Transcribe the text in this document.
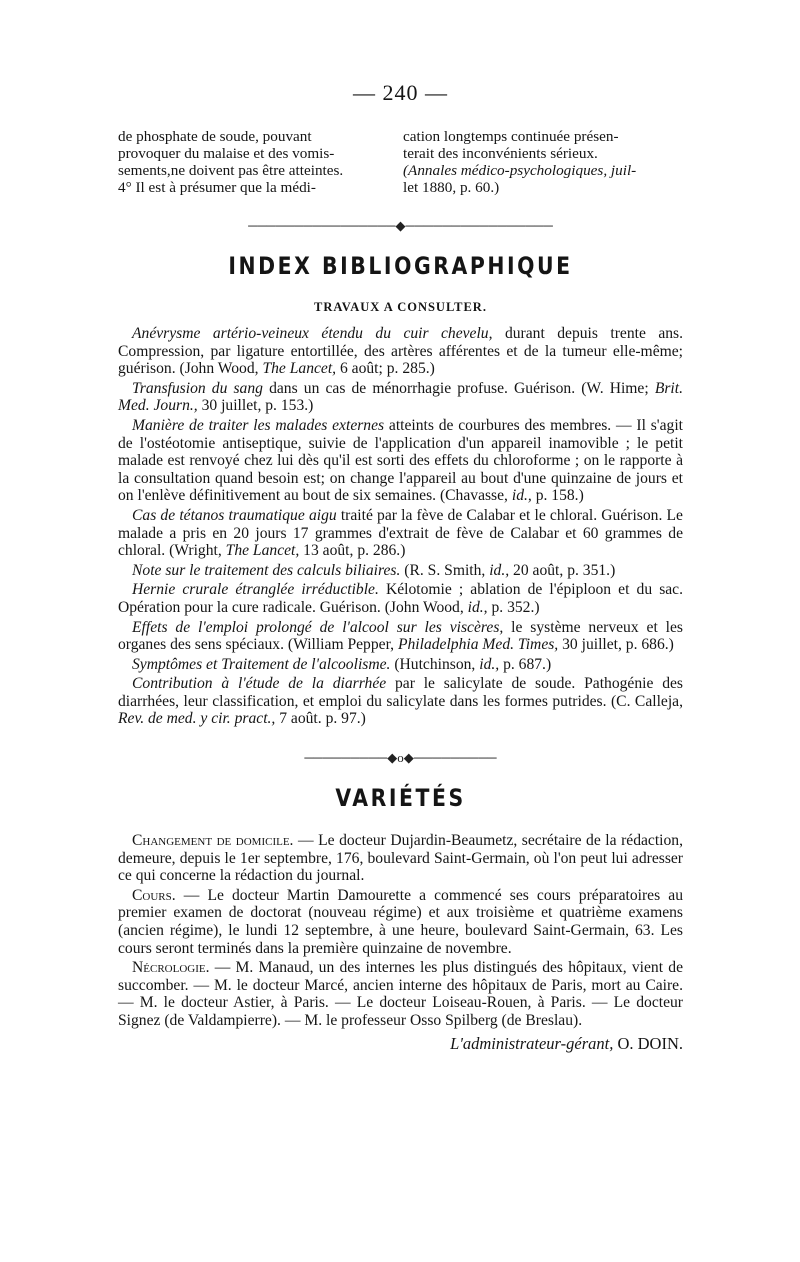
— 240 —
de phosphate de soude, pouvant
provoquer du malaise et des vomis-
sements,ne doivent pas être atteintes.
4° Il est à présumer que la médi-
cation longtemps continuée présen-
terait des inconvénients sérieux.
(Annales médico-psychologiques, juil-
let 1880, p. 60.)
────────────────◆────────────────
INDEX BIBLIOGRAPHIQUE
TRAVAUX A CONSULTER.

Anévrysme artério-veineux étendu du cuir chevelu, durant depuis trente ans. Compression, par ligature entortillée, des artères afférentes et de la tumeur elle-même; guérison. (John Wood, The Lancet, 6 août; p. 285.)

Transfusion du sang dans un cas de ménorrhagie profuse. Guérison. (W. Hime; Brit. Med. Journ., 30 juillet, p. 153.)

Manière de traiter les malades externes atteints de courbures des membres. — Il s'agit de l'ostéotomie antiseptique, suivie de l'application d'un appareil inamovible ; le petit malade est renvoyé chez lui dès qu'il est sorti des effets du chloroforme ; on le rapporte à la consultation quand besoin est; on change l'appareil au bout d'une quinzaine de jours et on l'enlève définitivement au bout de six semaines. (Chavasse, id., p. 158.)

Cas de tétanos traumatique aigu traité par la fève de Calabar et le chloral. Guérison. Le malade a pris en 20 jours 17 grammes d'extrait de fève de Calabar et 60 grammes de chloral. (Wright, The Lancet, 13 août, p. 286.)

Note sur le traitement des calculs biliaires. (R. S. Smith, id., 20 août, p. 351.)

Hernie crurale étranglée irréductible. Kélotomie ; ablation de l'épiploon et du sac. Opération pour la cure radicale. Guérison. (John Wood, id., p. 352.)

Effets de l'emploi prolongé de l'alcool sur les viscères, le système nerveux et les organes des sens spéciaux. (William Pepper, Philadelphia Med. Times, 30 juillet, p. 686.)

Symptômes et Traitement de l'alcoolisme. (Hutchinson, id., p. 687.)

Contribution à l'étude de la diarrhée par le salicylate de soude. Pathogénie des diarrhées, leur classification, et emploi du salicylate dans les formes putrides. (C. Calleja, Rev. de med. y cir. pract., 7 août. p. 97.)

─────────◆o◆─────────
VARIÉTÉS

Changement de domicile. — Le docteur Dujardin-Beaumetz, secrétaire de la rédaction, demeure, depuis le 1er septembre, 176, boulevard Saint-Germain, où l'on peut lui adresser ce qui concerne la rédaction du journal.

Cours. — Le docteur Martin Damourette a commencé ses cours préparatoires au premier examen de doctorat (nouveau régime) et aux troisième et quatrième examens (ancien régime), le lundi 12 septembre, à une heure, boulevard Saint-Germain, 63. Les cours seront terminés dans la première quinzaine de novembre.

Nécrologie. — M. Manaud, un des internes les plus distingués des hôpitaux, vient de succomber. — M. le docteur Marcé, ancien interne des hôpitaux de Paris, mort au Caire. — M. le docteur Astier, à Paris. — Le docteur Loiseau-Rouen, à Paris. — Le docteur Signez (de Valdampierre). — M. le professeur Osso Spilberg (de Breslau).

L'administrateur-gérant, O. DOIN.
